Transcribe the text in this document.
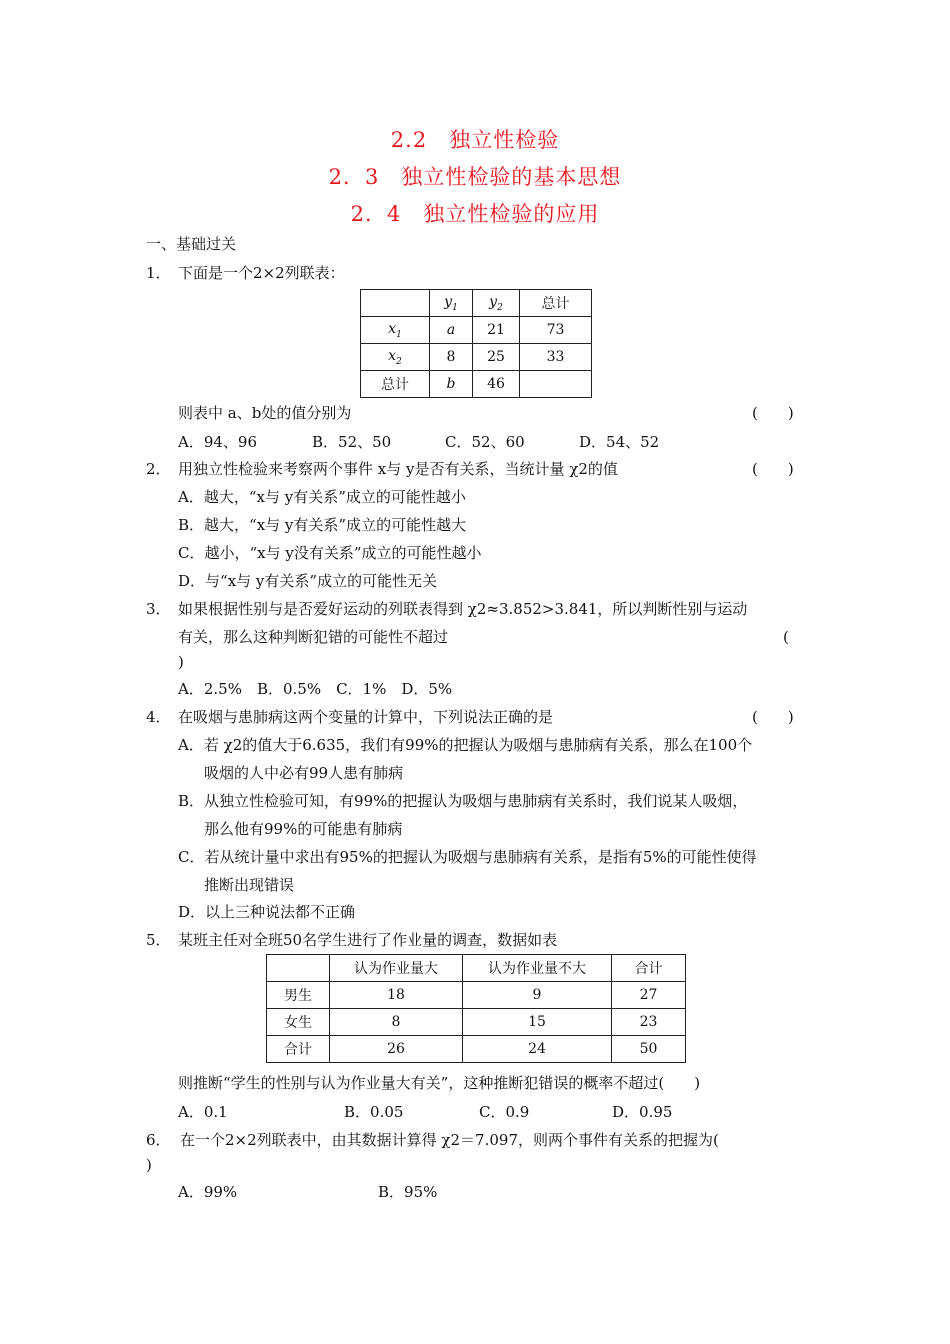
2.2　独立性检验
2．3　独立性检验的基本思想
2．4　独立性检验的应用
一、基础过关
1． 下面是一个2×2列联表：
	$y_1$	$y_2$	总计
$x_1$	a	21	73
$x_2$	8	25	33
总计	b	46	
则表中 a、b处的值分别为	(　　)
A．94、96	B．52、50	C．52、60	D．54、52
2． 用独立性检验来考察两个事件 x与 y是否有关系，当统计量 χ2的值	(　　)
A．越大，“x与 y有关系”成立的可能性越小
B．越大，“x与 y有关系”成立的可能性越大
C．越小，“x与 y没有关系”成立的可能性越小
D．与“x与 y有关系”成立的可能性无关
3． 如果根据性别与是否爱好运动的列联表得到 χ2≈3.852>3.841，所以判断性别与运动
有关，那么这种判断犯错的可能性不超过	(
)
A．2.5%　B．0.5%　C．1%　D．5%
4． 在吸烟与患肺病这两个变量的计算中，下列说法正确的是	(　　)
A．若 χ2的值大于6.635，我们有99%的把握认为吸烟与患肺病有关系，那么在100个
吸烟的人中必有99人患有肺病
B．从独立性检验可知，有99%的把握认为吸烟与患肺病有关系时，我们说某人吸烟，
那么他有99%的可能患有肺病
C．若从统计量中求出有95%的把握认为吸烟与患肺病有关系，是指有5%的可能性使得
推断出现错误
D．以上三种说法都不正确
5． 某班主任对全班50名学生进行了作业量的调查，数据如表
	认为作业量大	认为作业量不大	合计
男生	18	9	27
女生	8	15	23
合计	26	24	50
则推断“学生的性别与认为作业量大有关”，这种推断犯错误的概率不超过(　　)
A．0.1	B．0.05	C．0.9	D．0.95
6． 在一个2×2列联表中，由其数据计算得 χ2＝7.097，则两个事件有关系的把握为(
)
A．99%	B．95%
